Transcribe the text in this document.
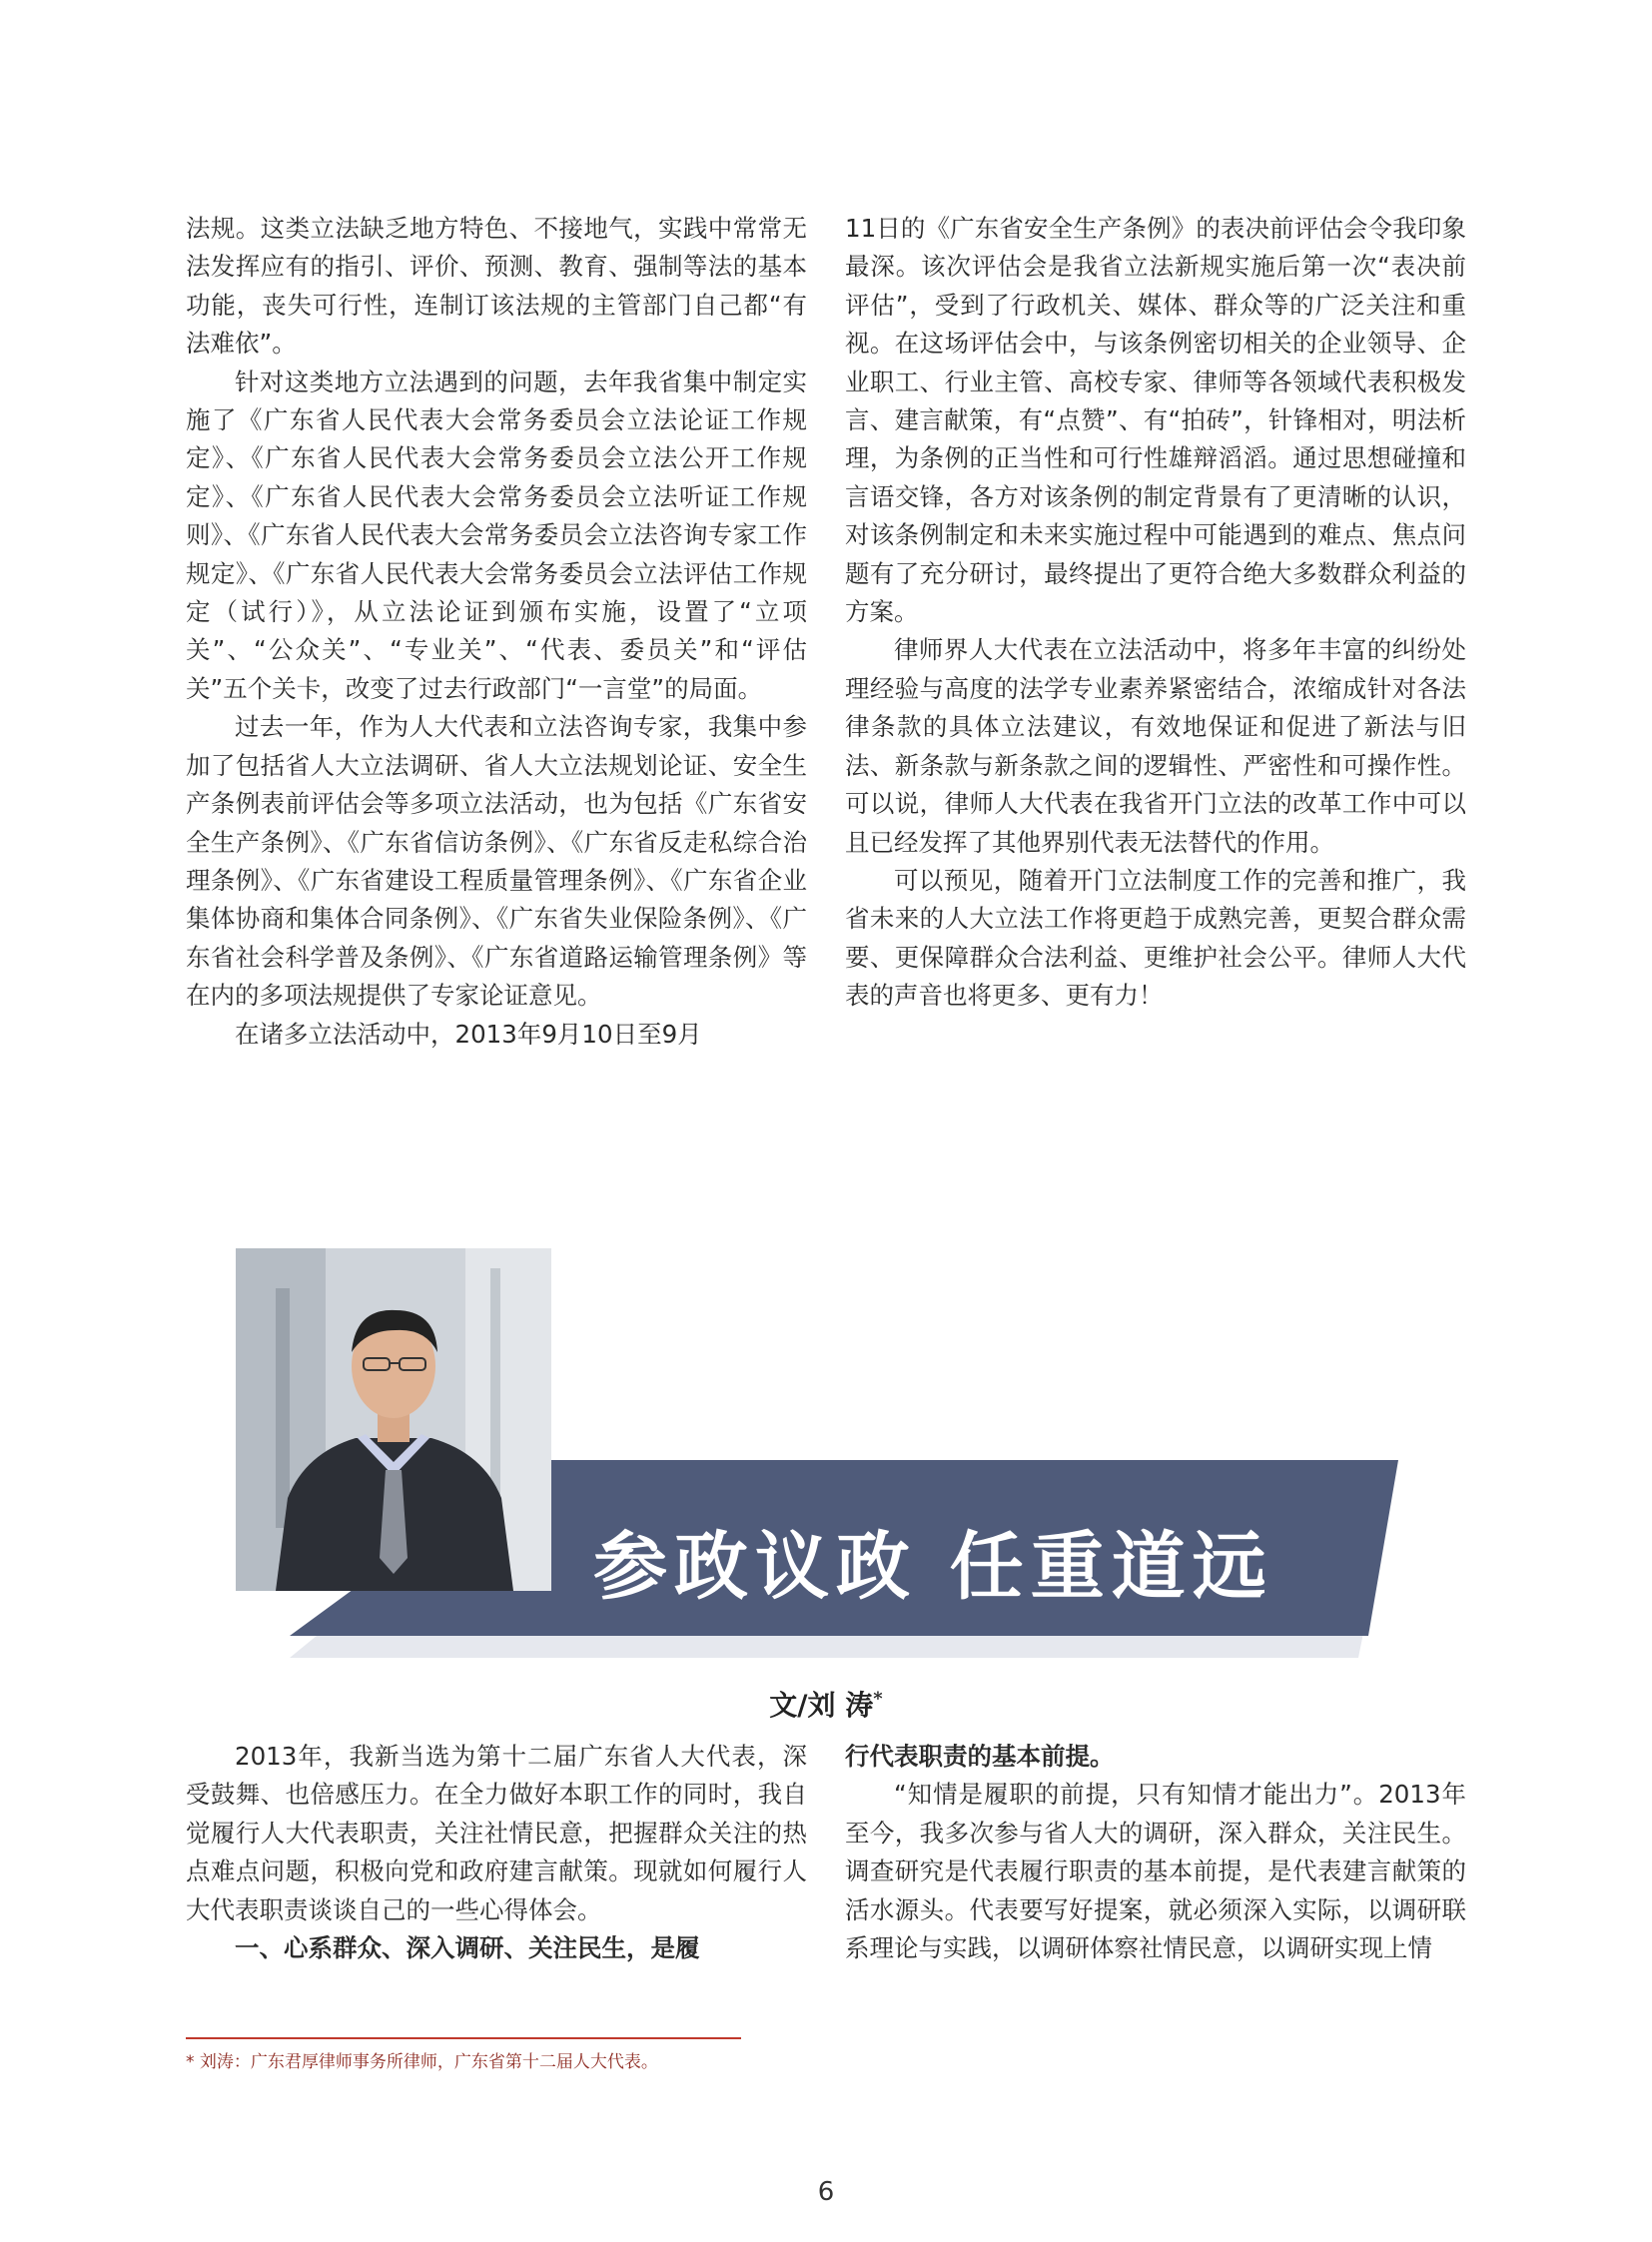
法规。这类立法缺乏地方特色、不接地气，实践中常常无法发挥应有的指引、评价、预测、教育、强制等法的基本功能，丧失可行性，连制订该法规的主管部门自己都“有法难依”。

针对这类地方立法遇到的问题，去年我省集中制定实施了《广东省人民代表大会常务委员会立法论证工作规定》、《广东省人民代表大会常务委员会立法公开工作规定》、《广东省人民代表大会常务委员会立法听证工作规则》、《广东省人民代表大会常务委员会立法咨询专家工作规定》、《广东省人民代表大会常务委员会立法评估工作规定（试行）》，从立法论证到颁布实施，设置了“立项关”、“公众关”、“专业关”、“代表、委员关”和“评估关”五个关卡，改变了过去行政部门“一言堂”的局面。

过去一年，作为人大代表和立法咨询专家，我集中参加了包括省人大立法调研、省人大立法规划论证、安全生产条例表前评估会等多项立法活动，也为包括《广东省安全生产条例》、《广东省信访条例》、《广东省反走私综合治理条例》、《广东省建设工程质量管理条例》、《广东省企业集体协商和集体合同条例》、《广东省失业保险条例》、《广东省社会科学普及条例》、《广东省道路运输管理条例》等在内的多项法规提供了专家论证意见。

在诸多立法活动中，2013年9月10日至9月

11日的《广东省安全生产条例》的表决前评估会令我印象最深。该次评估会是我省立法新规实施后第一次“表决前评估”，受到了行政机关、媒体、群众等的广泛关注和重视。在这场评估会中，与该条例密切相关的企业领导、企业职工、行业主管、高校专家、律师等各领域代表积极发言、建言献策，有“点赞”、有“拍砖”，针锋相对，明法析理，为条例的正当性和可行性雄辩滔滔。通过思想碰撞和言语交锋，各方对该条例的制定背景有了更清晰的认识，对该条例制定和未来实施过程中可能遇到的难点、焦点问题有了充分研讨，最终提出了更符合绝大多数群众利益的方案。

律师界人大代表在立法活动中，将多年丰富的纠纷处理经验与高度的法学专业素养紧密结合，浓缩成针对各法律条款的具体立法建议，有效地保证和促进了新法与旧法、新条款与新条款之间的逻辑性、严密性和可操作性。可以说，律师人大代表在我省开门立法的改革工作中可以且已经发挥了其他界别代表无法替代的作用。

可以预见，随着开门立法制度工作的完善和推广，我省未来的人大立法工作将更趋于成熟完善，更契合群众需要、更保障群众合法利益、更维护社会公平。律师人大代表的声音也将更多、更有力！

参政议政 任重道远
文/刘 涛*

2013年，我新当选为第十二届广东省人大代表，深受鼓舞、也倍感压力。在全力做好本职工作的同时，我自觉履行人大代表职责，关注社情民意，把握群众关注的热点难点问题，积极向党和政府建言献策。现就如何履行人大代表职责谈谈自己的一些心得体会。

一、心系群众、深入调研、关注民生，是履

行代表职责的基本前提。

“知情是履职的前提，只有知情才能出力”。2013年至今，我多次参与省人大的调研，深入群众，关注民生。调查研究是代表履行职责的基本前提，是代表建言献策的活水源头。代表要写好提案，就必须深入实际，以调研联系理论与实践，以调研体察社情民意，以调研实现上情

* 刘涛：广东君厚律师事务所律师，广东省第十二届人大代表。
6
